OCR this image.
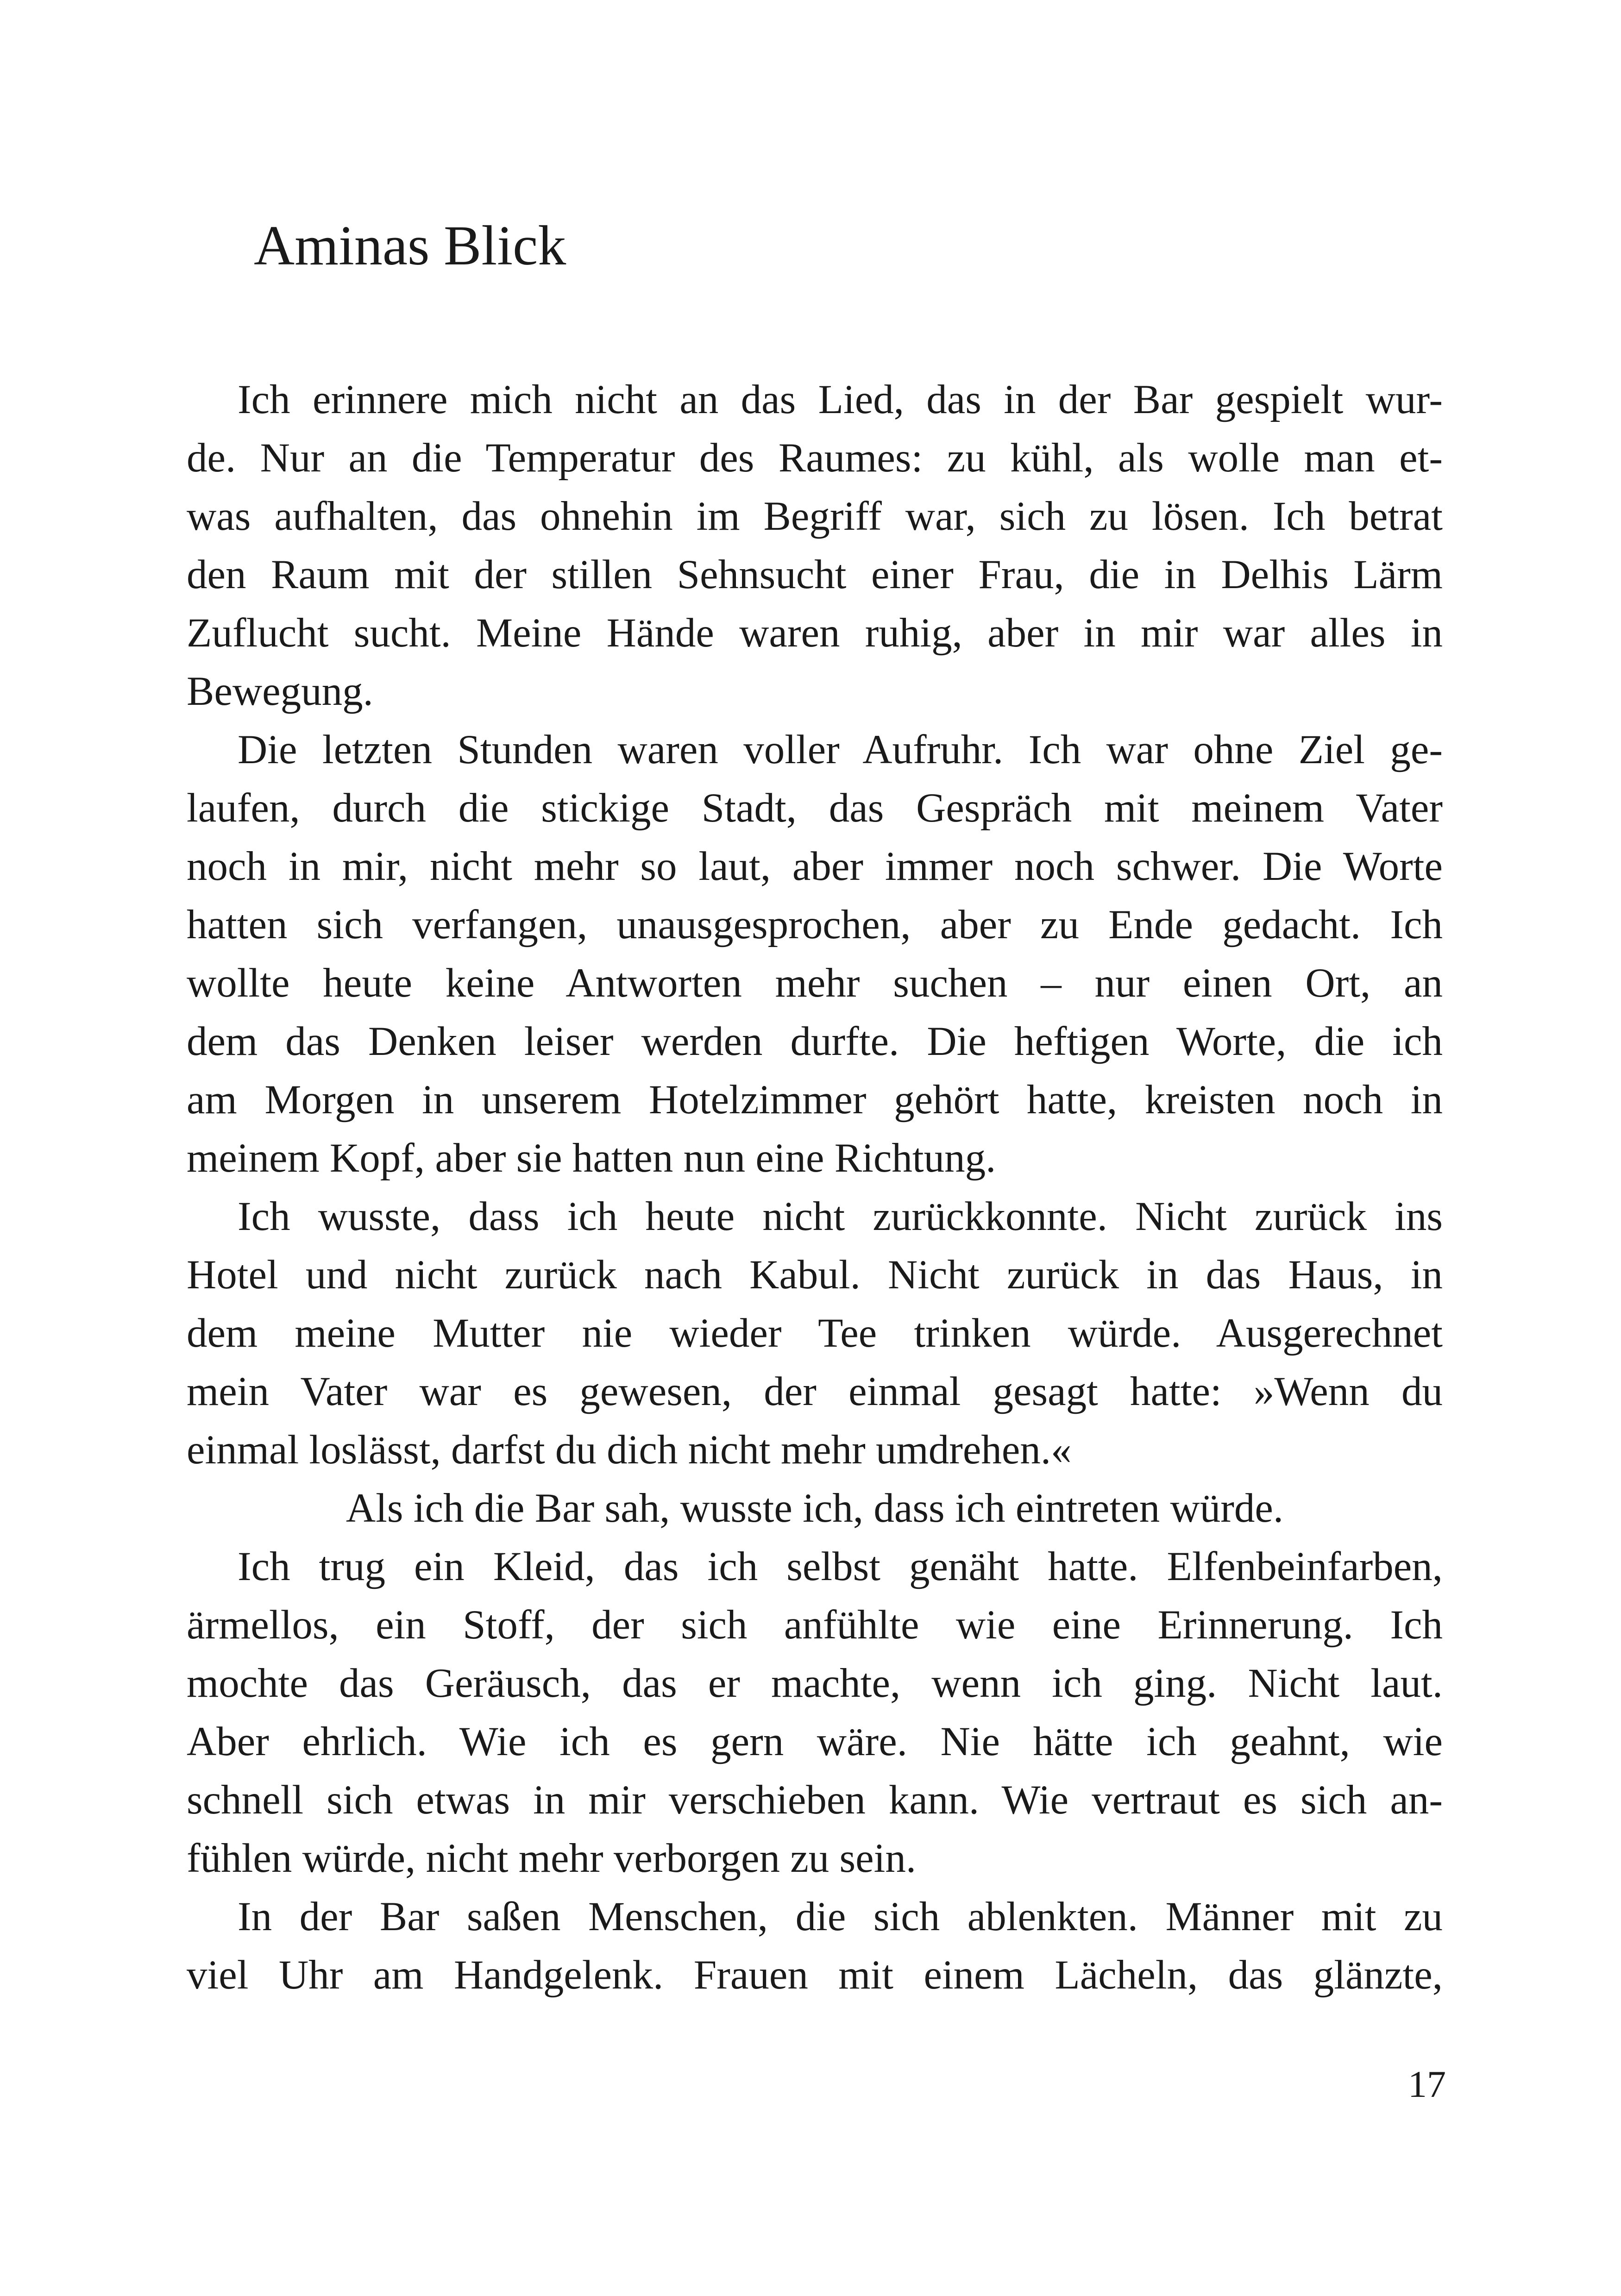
Aminas Blick
Ich erinnere mich nicht an das Lied, das in der Bar gespielt wur-
de. Nur an die Temperatur des Raumes: zu kühl, als wolle man et-
was aufhalten, das ohnehin im Begriff war, sich zu lösen. Ich betrat
den Raum mit der stillen Sehnsucht einer Frau, die in Delhis Lärm
Zuflucht sucht. Meine Hände waren ruhig, aber in mir war alles in
Bewegung.
Die letzten Stunden waren voller Aufruhr. Ich war ohne Ziel ge-
laufen, durch die stickige Stadt, das Gespräch mit meinem Vater
noch in mir, nicht mehr so laut, aber immer noch schwer. Die Worte
hatten sich verfangen, unausgesprochen, aber zu Ende gedacht. Ich
wollte heute keine Antworten mehr suchen – nur einen Ort, an
dem das Denken leiser werden durfte. Die heftigen Worte, die ich
am Morgen in unserem Hotelzimmer gehört hatte, kreisten noch in
meinem Kopf, aber sie hatten nun eine Richtung.
Ich wusste, dass ich heute nicht zurückkonnte. Nicht zurück ins
Hotel und nicht zurück nach Kabul. Nicht zurück in das Haus, in
dem meine Mutter nie wieder Tee trinken würde. Ausgerechnet
mein Vater war es gewesen, der einmal gesagt hatte: »Wenn du
einmal loslässt, darfst du dich nicht mehr umdrehen.«
Als ich die Bar sah, wusste ich, dass ich eintreten würde.
Ich trug ein Kleid, das ich selbst genäht hatte. Elfenbeinfarben,
ärmellos, ein Stoff, der sich anfühlte wie eine Erinnerung. Ich
mochte das Geräusch, das er machte, wenn ich ging. Nicht laut.
Aber ehrlich. Wie ich es gern wäre. Nie hätte ich geahnt, wie
schnell sich etwas in mir verschieben kann. Wie vertraut es sich an-
fühlen würde, nicht mehr verborgen zu sein.
In der Bar saßen Menschen, die sich ablenkten. Männer mit zu
viel Uhr am Handgelenk. Frauen mit einem Lächeln, das glänzte,
17
